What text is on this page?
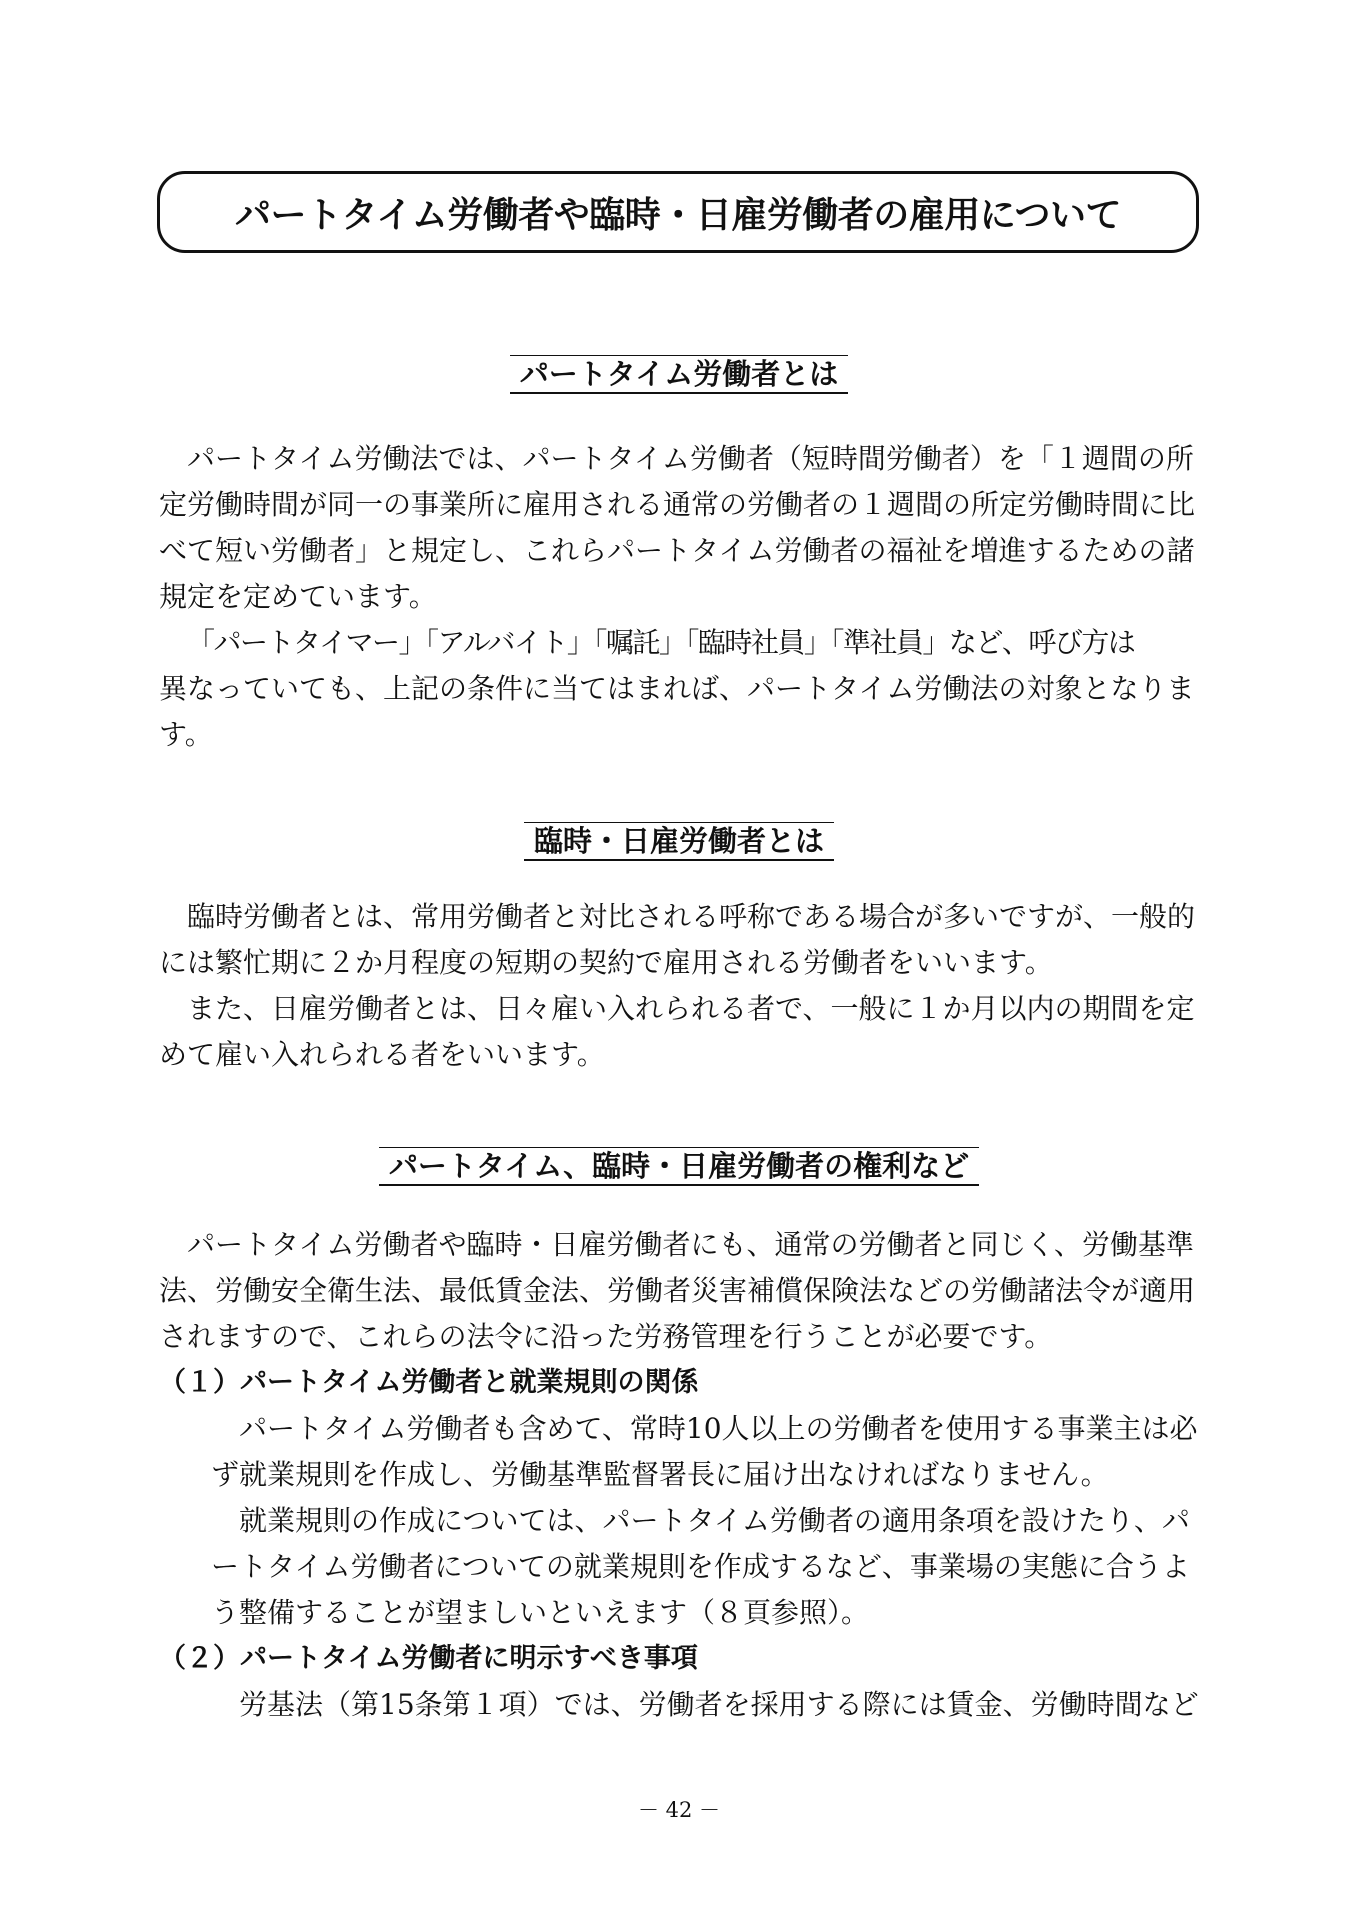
パートタイム労働者や臨時・日雇労働者の雇用について
パートタイム労働者とは
パートタイム労働法では、パートタイム労働者（短時間労働者）を「１週間の所
定労働時間が同一の事業所に雇用される通常の労働者の１週間の所定労働時間に比
べて短い労働者」と規定し、これらパートタイム労働者の福祉を増進するための諸
規定を定めています。
「パートタイマー」「アルバイト」「嘱託」「臨時社員」「準社員」など、呼び方は
異なっていても、上記の条件に当てはまれば、パートタイム労働法の対象となりま
す。
臨時・日雇労働者とは
臨時労働者とは、常用労働者と対比される呼称である場合が多いですが、一般的
には繁忙期に２か月程度の短期の契約で雇用される労働者をいいます。
また、日雇労働者とは、日々雇い入れられる者で、一般に１か月以内の期間を定
めて雇い入れられる者をいいます。
パートタイム、臨時・日雇労働者の権利など
パートタイム労働者や臨時・日雇労働者にも、通常の労働者と同じく、労働基準
法、労働安全衛生法、最低賃金法、労働者災害補償保険法などの労働諸法令が適用
されますので、これらの法令に沿った労務管理を行うことが必要です。
（１）パートタイム労働者と就業規則の関係
パートタイム労働者も含めて、常時10人以上の労働者を使用する事業主は必
ず就業規則を作成し、労働基準監督署長に届け出なければなりません。
就業規則の作成については、パートタイム労働者の適用条項を設けたり、パ
ートタイム労働者についての就業規則を作成するなど、事業場の実態に合うよ
う整備することが望ましいといえます（８頁参照）。
（２）パートタイム労働者に明示すべき事項
労基法（第15条第１項）では、労働者を採用する際には賃金、労働時間など
－ 42 －
